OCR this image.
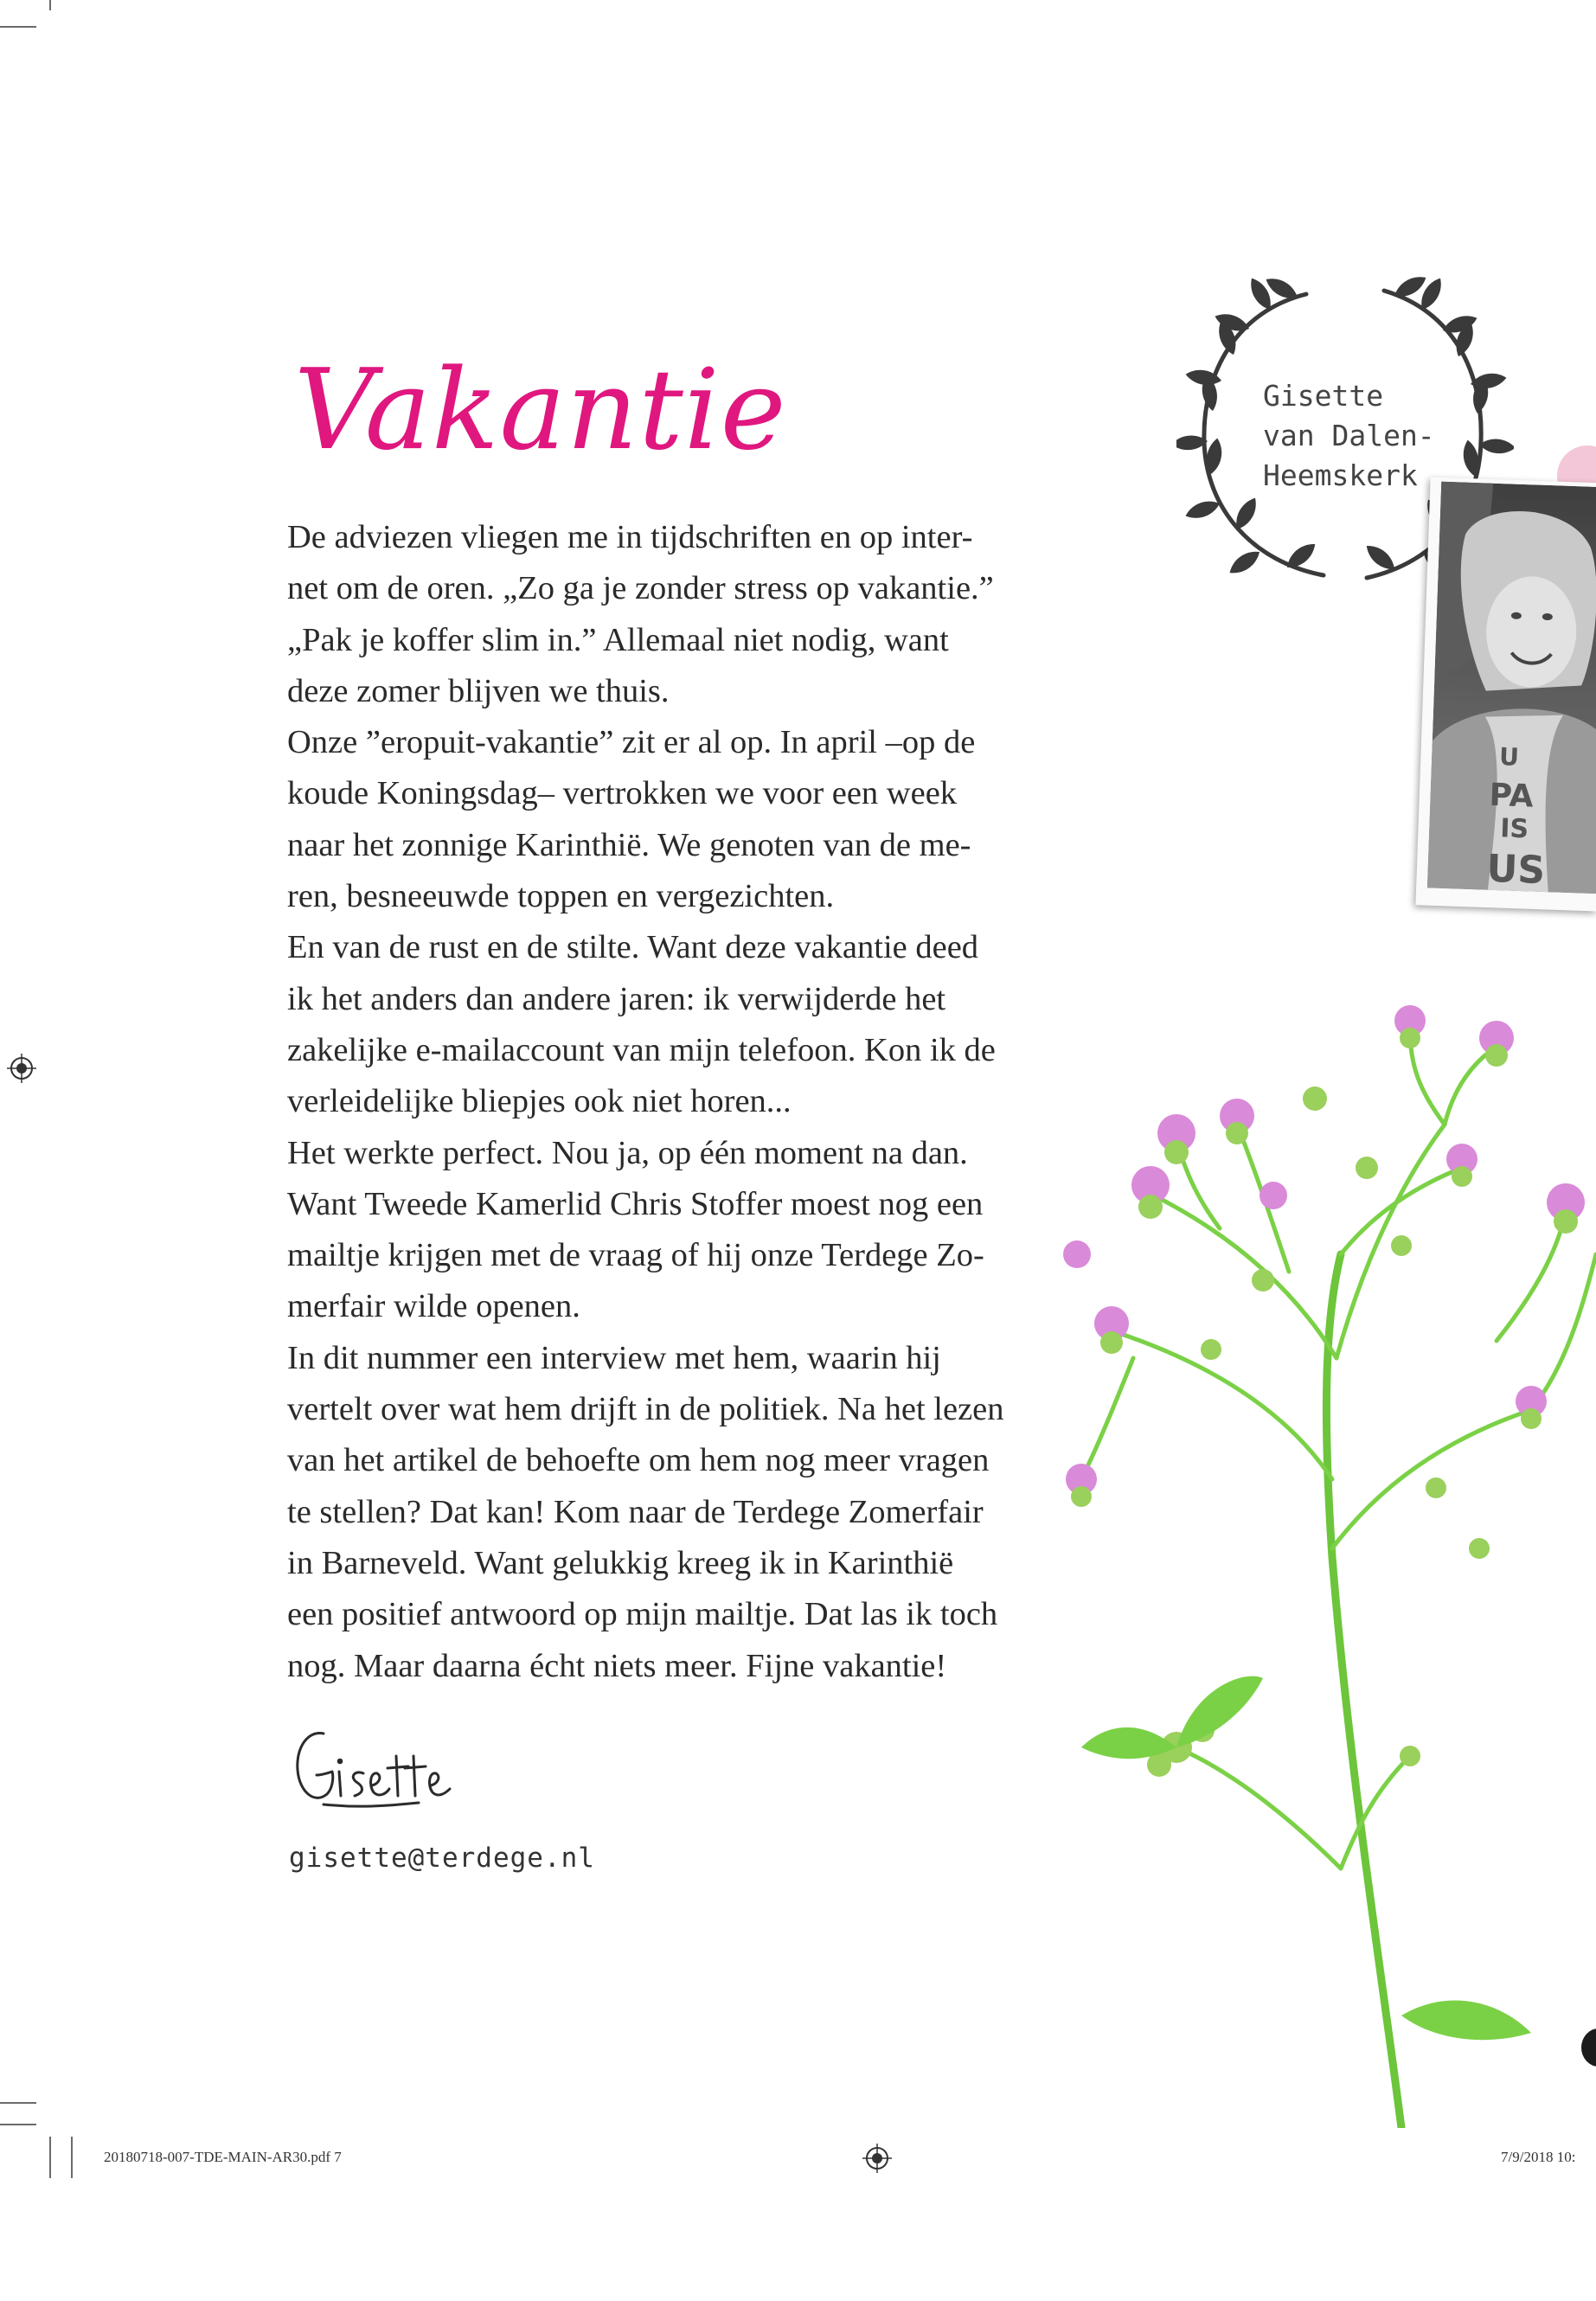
Vakantie
De adviezen vliegen me in tijdschriften en op inter-
net om de oren. „Zo ga je zonder stress op vakantie.”
„Pak je koffer slim in.” Allemaal niet nodig, want
deze zomer blijven we thuis.
Onze ”eropuit-vakantie” zit er al op. In april –op de
koude Koningsdag– vertrokken we voor een week
naar het zonnige Karinthië. We genoten van de me-
ren, besneeuwde toppen en vergezichten.
En van de rust en de stilte. Want deze vakantie deed
ik het anders dan andere jaren: ik verwijderde het
zakelijke e-mailaccount van mijn telefoon. Kon ik de
verleidelijke bliepjes ook niet horen...
Het werkte perfect. Nou ja, op één moment na dan.
Want Tweede Kamerlid Chris Stoffer moest nog een
mailtje krijgen met de vraag of hij onze Terdege Zo-
merfair wilde openen.
In dit nummer een interview met hem, waarin hij
vertelt over wat hem drijft in de politiek. Na het lezen
van het artikel de behoefte om hem nog meer vragen
te stellen? Dat kan! Kom naar de Terdege Zomerfair
in Barneveld. Want gelukkig kreeg ik in Karinthië
een positief antwoord op mijn mailtje. Dat las ik toch
nog. Maar daarna écht niets meer. Fijne vakantie!
gisette@terdege.nl
Gisette
van Dalen-
Heemskerk
U
PA
IS
US
20180718-007-TDE-MAIN-AR30.pdf 7	7/9/2018 10:
